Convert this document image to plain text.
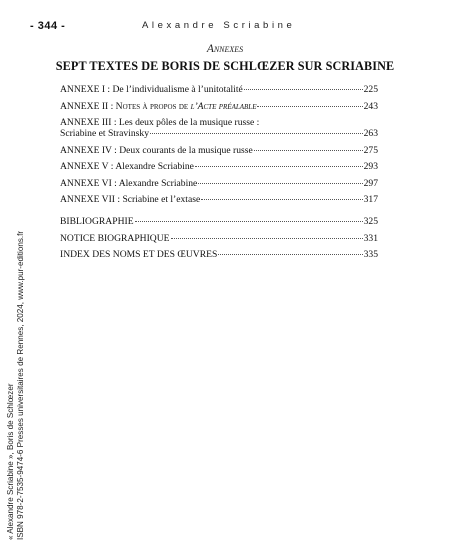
- 344 -	Alexandre Scriabine
Annexes
SEPT TEXTES DE BORIS DE SCHLŒZER SUR SCRIABINE
ANNEXE I : De l’individualisme à l’unitotalité	225
ANNEXE II : Notes à propos de l’Acte préalable	243
ANNEXE III : Les deux pôles de la musique russe :
Scriabine et Stravinsky	263
ANNEXE IV : Deux courants de la musique russe	275
ANNEXE V : Alexandre Scriabine	293
ANNEXE VI : Alexandre Scriabine	297
ANNEXE VII : Scriabine et l’extase	317
BIBLIOGRAPHIE	325
NOTICE BIOGRAPHIQUE	331
INDEX DES NOMS ET DES ŒUVRES	335
« Alexandre Scriabine », Boris de Schlœzer ISBN 978-2-7535-9474-6 Presses universitaires de Rennes, 2024, www.pur-editions.fr
